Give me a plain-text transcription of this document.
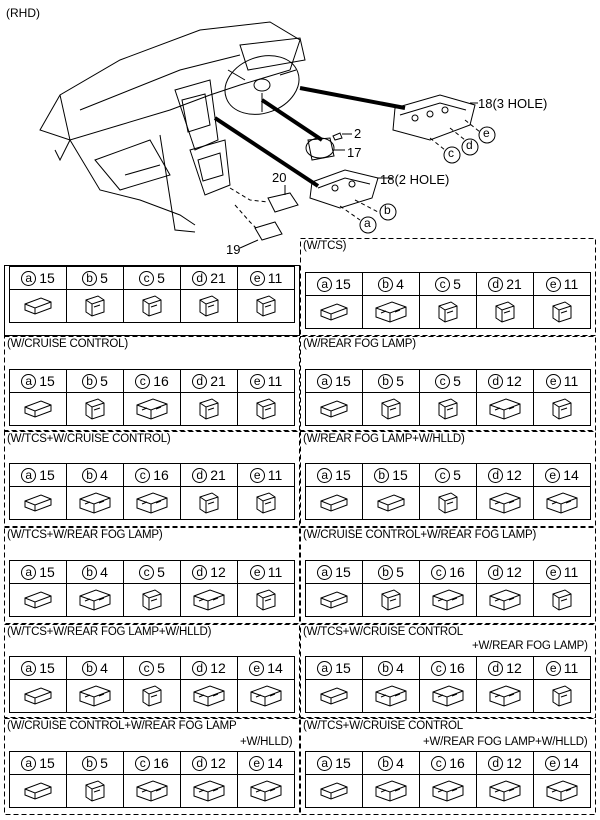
(RHD)
2
17
18(3 HOLE)
18(2 HOLE)
20
19
c
d
e
a
b
a 15	b 5	c 5	d 21	e 11

(W/TCS)
a 15	b 4	c 5	d 21	e 11

(W/CRUISE CONTROL)
a 15	b 5	c 16	d 21	e 11

(W/REAR FOG LAMP)
a 15	b 5	c 5	d 12	e 11

(W/TCS+W/CRUISE CONTROL)
a 15	b 4	c 16	d 21	e 11

(W/REAR FOG LAMP+W/HLLD)
a 15	b 15	c 5	d 12	e 14

(W/TCS+W/REAR FOG LAMP)
a 15	b 4	c 5	d 12	e 11

(W/CRUISE CONTROL+W/REAR FOG LAMP)
a 15	b 5	c 16	d 12	e 11

(W/TCS+W/REAR FOG LAMP+W/HLLD)
a 15	b 4	c 5	d 12	e 14

(W/TCS+W/CRUISE CONTROL
+W/REAR FOG LAMP)
a 15	b 4	c 16	d 12	e 11

(W/CRUISE CONTROL+W/REAR FOG LAMP
+W/HLLD)
a 15	b 5	c 16	d 12	e 14

(W/TCS+W/CRUISE CONTROL
+W/REAR FOG LAMP+W/HLLD)
a 15	b 4	c 16	d 12	e 14
